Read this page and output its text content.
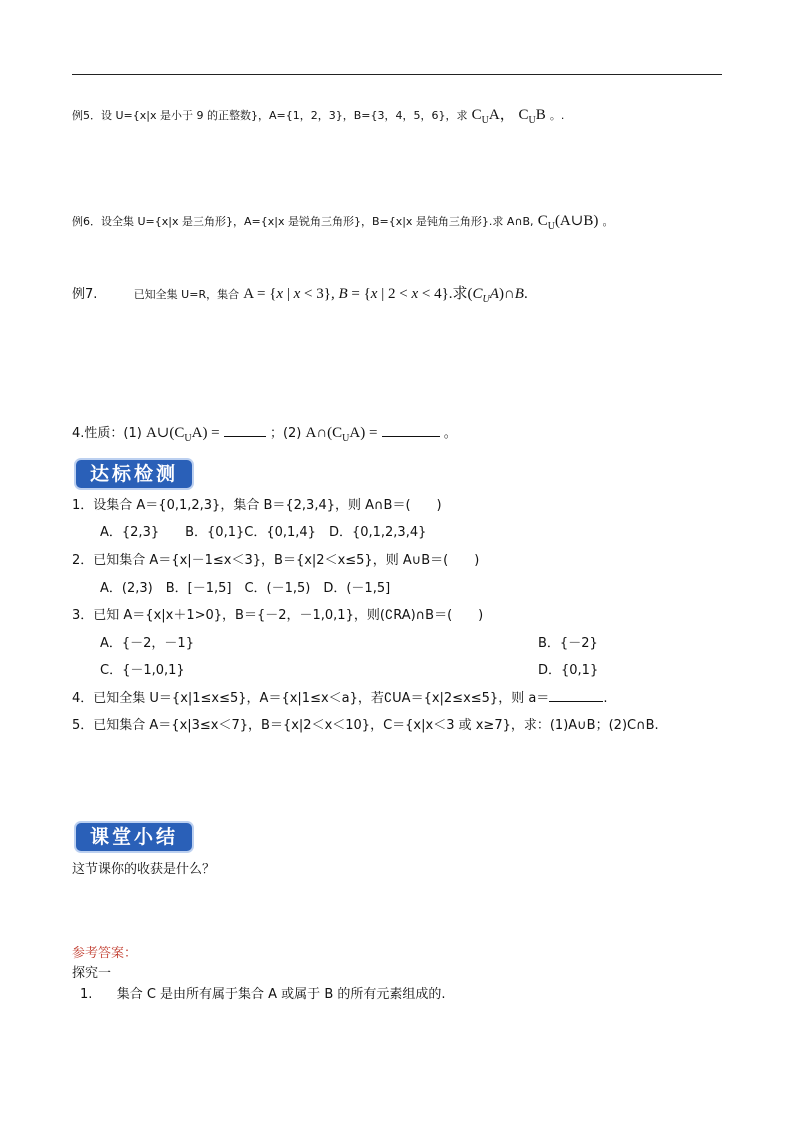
例5．设 U={x|x 是小于 9 的正整数}，A={1，2，3}，B={3，4，5，6}，求 $C_UA$， $C_UB$ 。.
例6．设全集 U={x|x 是三角形}，A={x|x 是锐角三角形}，B={x|x 是钝角三角形}.求 A∩B, $C_U(A\cup B)$ 。
例7.	已知全集 U=R，集合 A = {x | x < 3}, B = {x | 2 < x < 4}.求$(C_UA)\cap B$.
4.性质：(1) $A\cup(C_UA)$ =	；(2) $A\cap(C_UA)$ =	。
达标检测
1．设集合 A＝{0,1,2,3}，集合 B＝{2,3,4}，则 A∩B＝(　　)
A．{2,3}　　B．{0,1}C．{0,1,4}　D．{0,1,2,3,4}
2．已知集合 A＝{x|－1≤x＜3}，B＝{x|2＜x≤5}，则 A∪B＝(　　)
A．(2,3)　B．[－1,5]　C．(－1,5)　D．(－1,5]
3．已知 A＝{x|x＋1>0}，B＝{－2，－1,0,1}，则(∁RA)∩B＝(　　)
A．{－2，－1}	B．{－2}
C．{－1,0,1}	D．{0,1}
4．已知全集 U＝{x|1≤x≤5}，A＝{x|1≤x＜a}，若∁UA＝{x|2≤x≤5}，则 a＝	.
5．已知集合 A＝{x|3≤x＜7}，B＝{x|2＜x＜10}，C＝{x|x＜3 或 x≥7}，求：(1)A∪B；(2)C∩B.
课堂小结
这节课你的收获是什么？
参考答案：
探究一
1. 集合 C 是由所有属于集合 A 或属于 B 的所有元素组成的.
